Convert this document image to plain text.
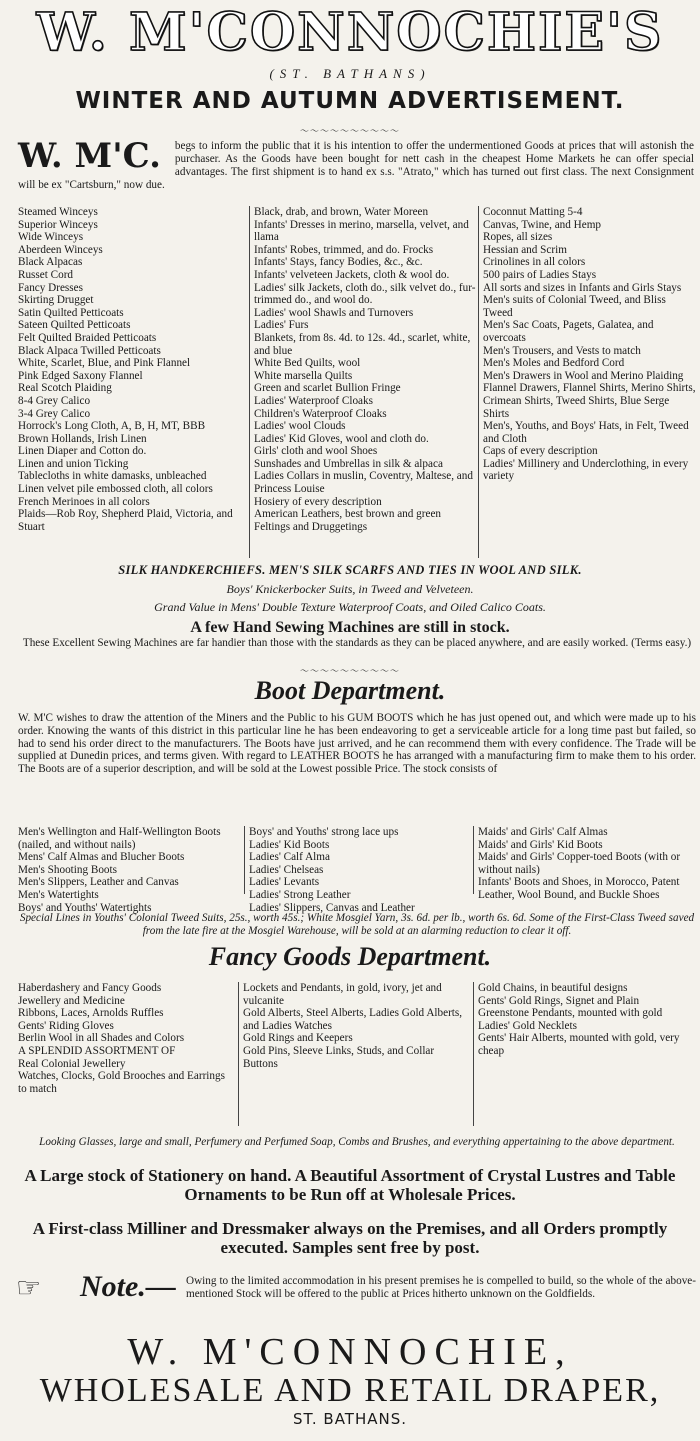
W. M'CONNOCHIE'S
(ST. BATHANS)
WINTER AND AUTUMN ADVERTISEMENT.
〜〜〜〜〜〜〜〜〜〜
W. M'C. begs to inform the public that it is his intention to offer the undermentioned Goods at prices that will astonish the purchaser. As the Goods have been bought for nett cash in the cheapest Home Markets he can offer special advantages. The first shipment is to hand ex s.s. "Atrato," which has turned out first class. The next Consignment will be ex "Cartsburn," now due.
Steamed Winceys
Superior Winceys
Wide Winceys
Aberdeen Winceys
Black Alpacas
Russet Cord
Fancy Dresses
Skirting Drugget
Satin Quilted Petticoats
Sateen Quilted Petticoats
Felt Quilted Braided Petticoats
Black Alpaca Twilled Petticoats
White, Scarlet, Blue, and Pink Flannel
Pink Edged Saxony Flannel
Real Scotch Plaiding
8-4 Grey Calico
3-4 Grey Calico
Horrock's Long Cloth, A, B, H, MT, BBB
Brown Hollands, Irish Linen
Linen Diaper and Cotton do.
Linen and union Ticking
Tablecloths in white damasks, unbleached
Linen velvet pile embossed cloth, all colors
French Merinoes in all colors
Plaids—Rob Roy, Shepherd Plaid, Victoria, and Stuart
Black, drab, and brown, Water Moreen
Infants' Dresses in merino, marsella, velvet, and llama
Infants' Robes, trimmed, and do. Frocks
Infants' Stays, fancy Bodies, &c., &c.
Infants' velveteen Jackets, cloth & wool do.
Ladies' silk Jackets, cloth do., silk velvet do., fur-trimmed do., and wool do.
Ladies' wool Shawls and Turnovers
Ladies' Furs
Blankets, from 8s. 4d. to 12s. 4d., scarlet, white, and blue
White Bed Quilts, wool
White marsella Quilts
Green and scarlet Bullion Fringe
Ladies' Waterproof Cloaks
Children's Waterproof Cloaks
Ladies' wool Clouds
Ladies' Kid Gloves, wool and cloth do.
Girls' cloth and wool Shoes
Sunshades and Umbrellas in silk & alpaca
Ladies Collars in muslin, Coventry, Maltese, and Princess Louise
Hosiery of every description
American Leathers, best brown and green Feltings and Druggetings
Coconnut Matting 5-4
Canvas, Twine, and Hemp
Ropes, all sizes
Hessian and Scrim
Crinolines in all colors
500 pairs of Ladies Stays
All sorts and sizes in Infants and Girls Stays
Men's suits of Colonial Tweed, and Bliss Tweed
Men's Sac Coats, Pagets, Galatea, and overcoats
Men's Trousers, and Vests to match
Men's Moles and Bedford Cord
Men's Drawers in Wool and Merino Plaiding
Flannel Drawers, Flannel Shirts, Merino Shirts, Crimean Shirts, Tweed Shirts, Blue Serge Shirts
Men's, Youths, and Boys' Hats, in Felt, Tweed and Cloth
Caps of every description
Ladies' Millinery and Underclothing, in every variety
SILK HANDKERCHIEFS. MEN'S SILK SCARFS AND TIES IN WOOL AND SILK.
Boys' Knickerbocker Suits, in Tweed and Velveteen.
Grand Value in Mens' Double Texture Waterproof Coats, and Oiled Calico Coats.
A few Hand Sewing Machines are still in stock.
These Excellent Sewing Machines are far handier than those with the standards as they can be placed anywhere, and are easily worked. (Terms easy.)
〜〜〜〜〜〜〜〜〜〜
Boot Department.
W. M'C wishes to draw the attention of the Miners and the Public to his GUM BOOTS which he has just opened out, and which were made up to his order. Knowing the wants of this district in this particular line he has been endeavoring to get a serviceable article for a long time past but failed, so had to send his order direct to the manufacturers. The Boots have just arrived, and he can recommend them with every confidence. The Trade will be supplied at Dunedin prices, and terms given. With regard to LEATHER BOOTS he has arranged with a manufacturing firm to make them to his order. The Boots are of a superior description, and will be sold at the Lowest possible Price. The stock consists of
Men's Wellington and Half-Wellington Boots (nailed, and without nails)
Mens' Calf Almas and Blucher Boots
Men's Shooting Boots
Men's Slippers, Leather and Canvas
Men's Watertights
Boys' and Youths' Watertights
Boys' and Youths' strong lace ups
Ladies' Kid Boots
Ladies' Calf Alma
Ladies' Chelseas
Ladies' Levants
Ladies' Strong Leather
Ladies' Slippers, Canvas and Leather
Maids' and Girls' Calf Almas
Maids' and Girls' Kid Boots
Maids' and Girls' Copper-toed Boots (with or without nails)
Infants' Boots and Shoes, in Morocco, Patent Leather, Wool Bound, and Buckle Shoes
Special Lines in Youths' Colonial Tweed Suits, 25s., worth 45s.; White Mosgiel Yarn, 3s. 6d. per lb., worth 6s. 6d. Some of the First-Class Tweed saved from the late fire at the Mosgiel Warehouse, will be sold at an alarming reduction to clear it off.
Fancy Goods Department.
Haberdashery and Fancy Goods
Jewellery and Medicine
Ribbons, Laces, Arnolds Ruffles
Gents' Riding Gloves
Berlin Wool in all Shades and Colors
A SPLENDID ASSORTMENT OF
Real Colonial Jewellery
Watches, Clocks, Gold Brooches and Earrings to match
Lockets and Pendants, in gold, ivory, jet and vulcanite
Gold Alberts, Steel Alberts, Ladies Gold Alberts, and Ladies Watches
Gold Rings and Keepers
Gold Pins, Sleeve Links, Studs, and Collar Buttons
Gold Chains, in beautiful designs
Gents' Gold Rings, Signet and Plain
Greenstone Pendants, mounted with gold
Ladies' Gold Necklets
Gents' Hair Alberts, mounted with gold, very cheap
Looking Glasses, large and small, Perfumery and Perfumed Soap, Combs and Brushes, and everything appertaining to the above department.
A Large stock of Stationery on hand. A Beautiful Assortment of Crystal Lustres and Table Ornaments to be Run off at Wholesale Prices.
A First-class Milliner and Dressmaker always on the Premises, and all Orders promptly executed. Samples sent free by post.
☞ Note.— Owing to the limited accommodation in his present premises he is compelled to build, so the whole of the above-mentioned Stock will be offered to the public at Prices hitherto unknown on the Goldfields.
W. M'CONNOCHIE,
WHOLESALE AND RETAIL DRAPER,
ST. BATHANS.
